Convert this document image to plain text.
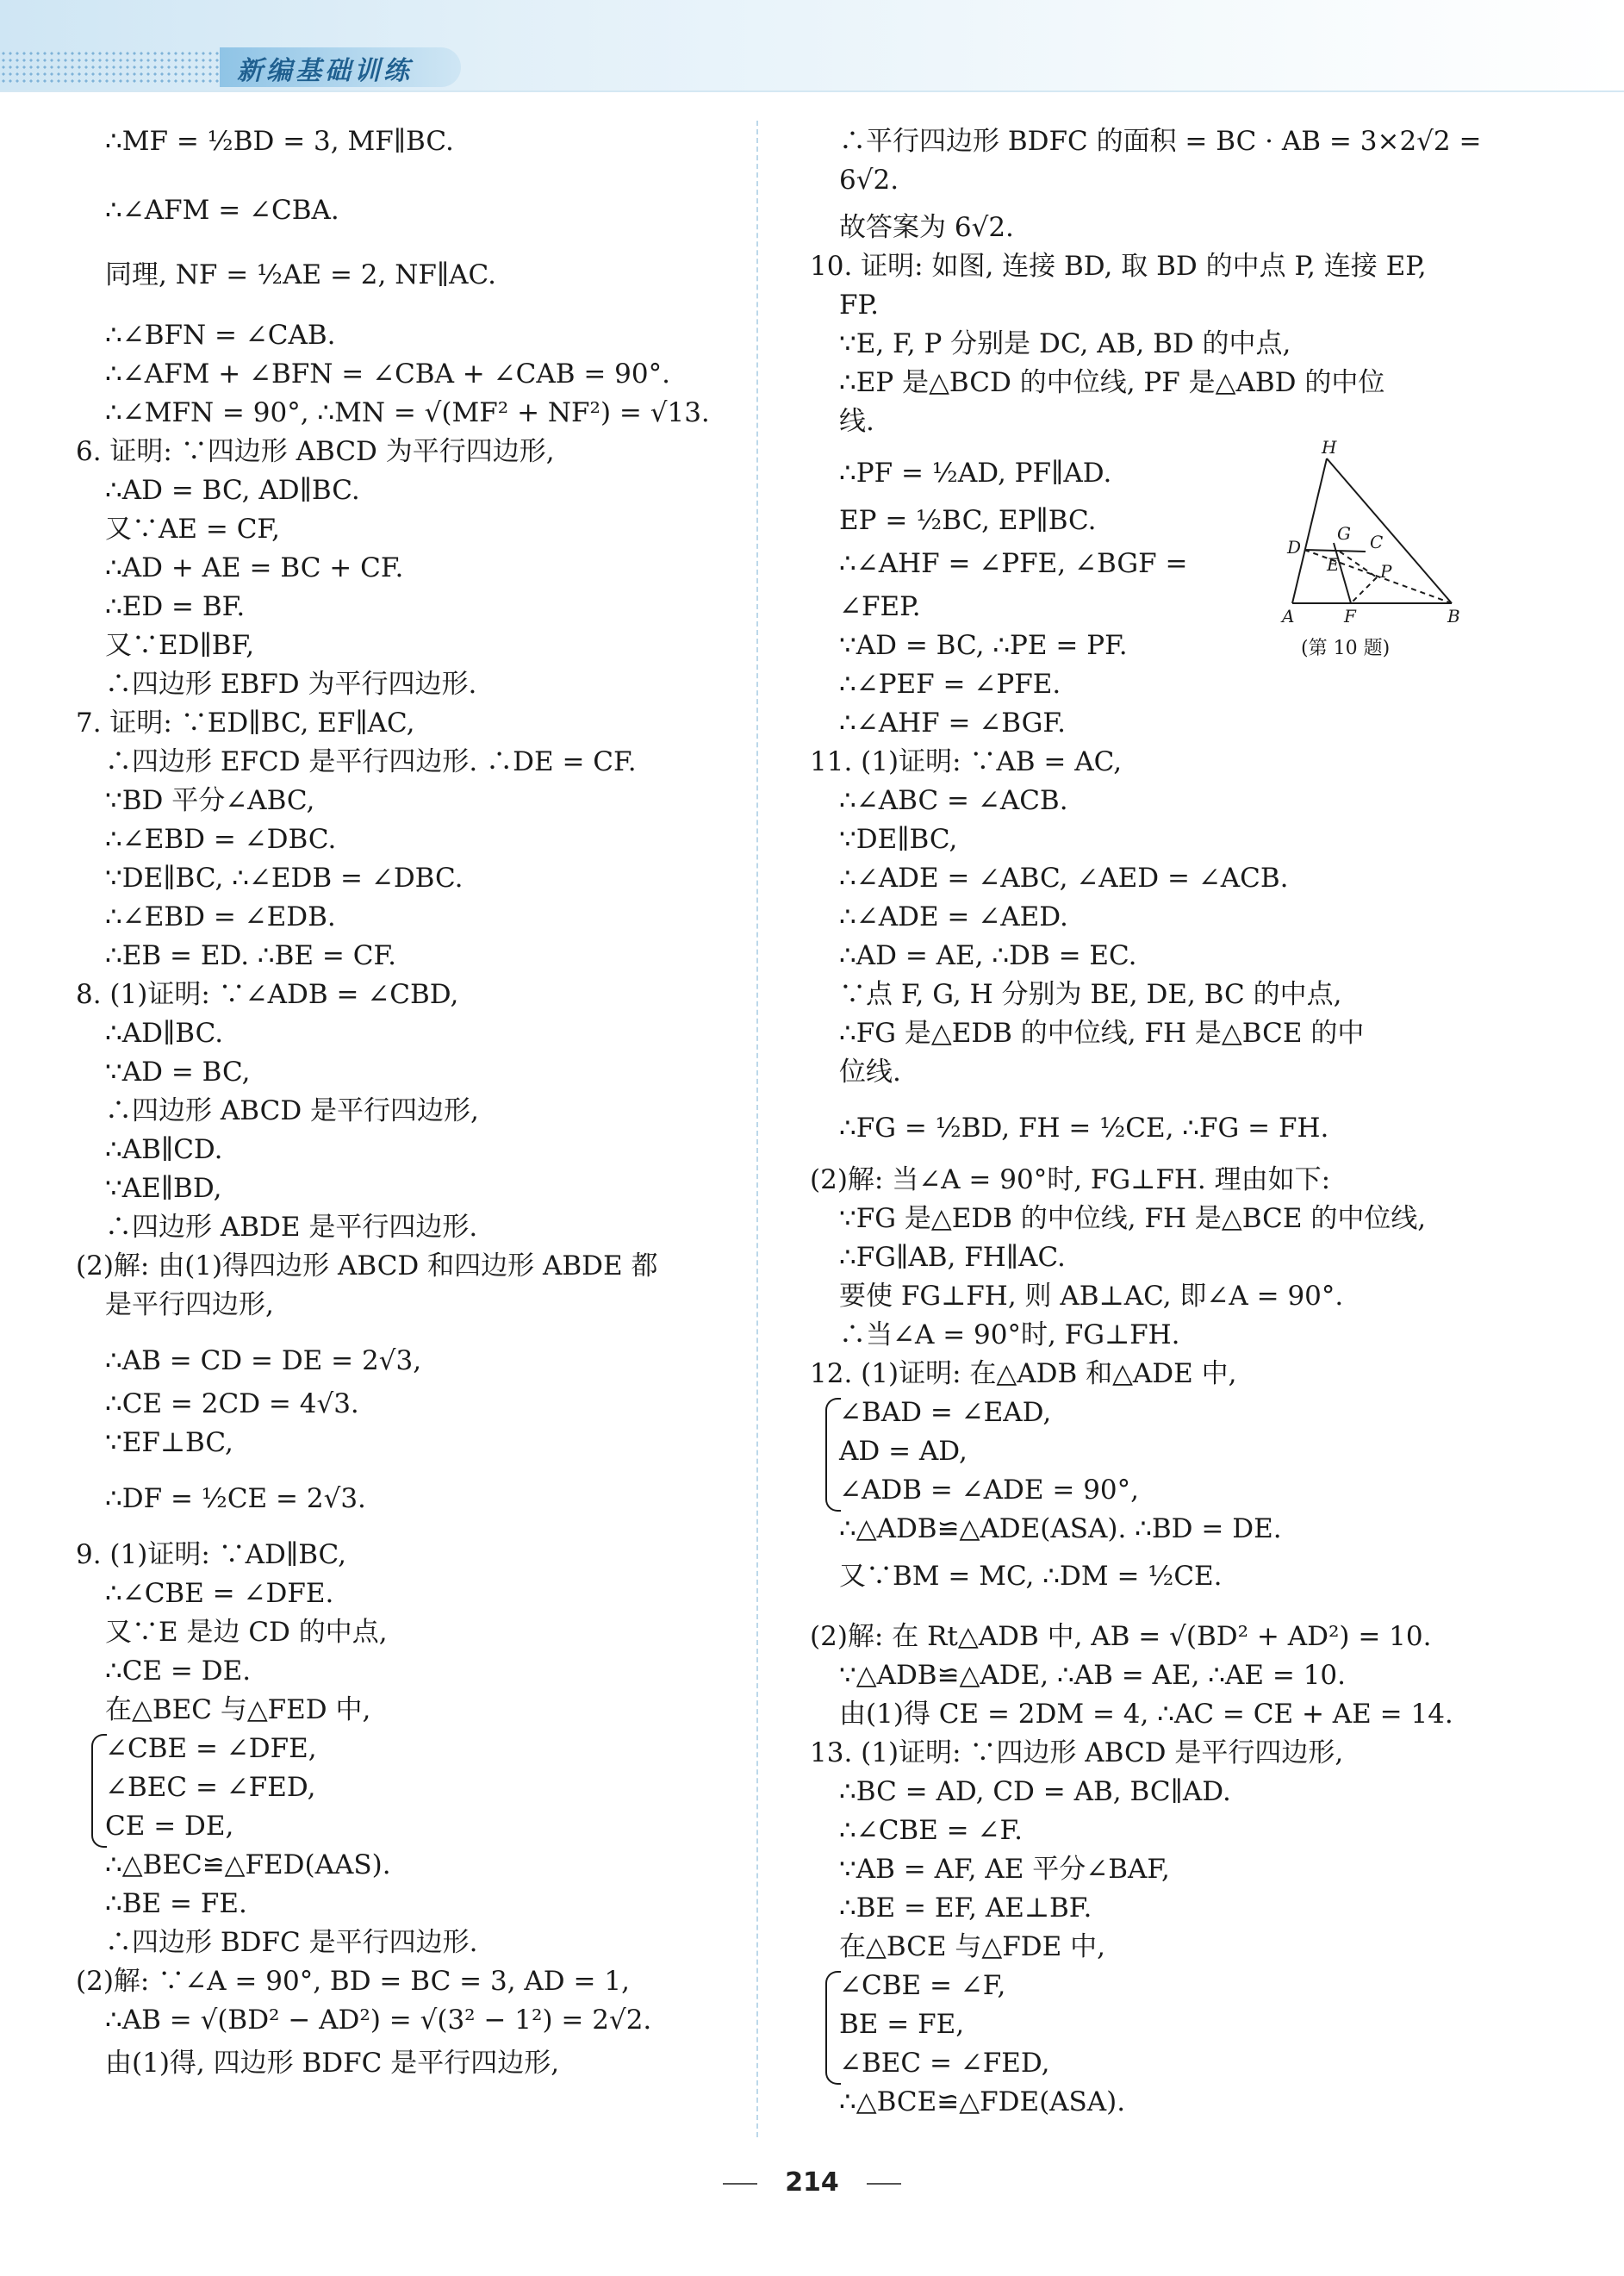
新编基础训练
∴MF = ½BD = 3, MF∥BC.
∴∠AFM = ∠CBA.
同理, NF = ½AE = 2, NF∥AC.
∴∠BFN = ∠CAB.
∴∠AFM + ∠BFN = ∠CBA + ∠CAB = 90°.
∴∠MFN = 90°, ∴MN = √(MF² + NF²) = √13.
6. 证明: ∵四边形 ABCD 为平行四边形,
∴AD = BC, AD∥BC.
又∵AE = CF,
∴AD + AE = BC + CF.
∴ED = BF.
又∵ED∥BF,
∴四边形 EBFD 为平行四边形.
7. 证明: ∵ED∥BC, EF∥AC,
∴四边形 EFCD 是平行四边形. ∴DE = CF.
∵BD 平分∠ABC,
∴∠EBD = ∠DBC.
∵DE∥BC, ∴∠EDB = ∠DBC.
∴∠EBD = ∠EDB.
∴EB = ED. ∴BE = CF.
8. (1)证明: ∵∠ADB = ∠CBD,
∴AD∥BC.
∵AD = BC,
∴四边形 ABCD 是平行四边形,
∴AB∥CD.
∵AE∥BD,
∴四边形 ABDE 是平行四边形.
(2)解: 由(1)得四边形 ABCD 和四边形 ABDE 都
是平行四边形,
∴AB = CD = DE = 2√3,
∴CE = 2CD = 4√3.
∵EF⊥BC,
∴DF = ½CE = 2√3.
9. (1)证明: ∵AD∥BC,
∴∠CBE = ∠DFE.
又∵E 是边 CD 的中点,
∴CE = DE.
在△BEC 与△FED 中,
∠CBE = ∠DFE,
∠BEC = ∠FED,
CE = DE,
∴△BEC≌△FED(AAS).
∴BE = FE.
∴四边形 BDFC 是平行四边形.
(2)解: ∵∠A = 90°, BD = BC = 3, AD = 1,
∴AB = √(BD² − AD²) = √(3² − 1²) = 2√2.
由(1)得, 四边形 BDFC 是平行四边形,
∴平行四边形 BDFC 的面积 = BC · AB = 3×2√2 =
6√2.
故答案为 6√2.
10. 证明: 如图, 连接 BD, 取 BD 的中点 P, 连接 EP,
FP.
∵E, F, P 分别是 DC, AB, BD 的中点,
∴EP 是△BCD 的中位线, PF 是△ABD 的中位
线.
∴PF = ½AD, PF∥AD.
EP = ½BC, EP∥BC.
∴∠AHF = ∠PFE, ∠BGF =
∠FEP.
∵AD = BC, ∴PE = PF.
∴∠PEF = ∠PFE.
∴∠AHF = ∠BGF.
11. (1)证明: ∵AB = AC,
∴∠ABC = ∠ACB.
∵DE∥BC,
∴∠ADE = ∠ABC, ∠AED = ∠ACB.
∴∠ADE = ∠AED.
∴AD = AE, ∴DB = EC.
∵点 F, G, H 分别为 BE, DE, BC 的中点,
∴FG 是△EDB 的中位线, FH 是△BCE 的中
位线.
∴FG = ½BD, FH = ½CE, ∴FG = FH.
(2)解: 当∠A = 90°时, FG⊥FH. 理由如下:
∵FG 是△EDB 的中位线, FH 是△BCE 的中位线,
∴FG∥AB, FH∥AC.
要使 FG⊥FH, 则 AB⊥AC, 即∠A = 90°.
∴当∠A = 90°时, FG⊥FH.
12. (1)证明: 在△ADB 和△ADE 中,
∠BAD = ∠EAD,
AD = AD,
∠ADB = ∠ADE = 90°,
∴△ADB≌△ADE(ASA). ∴BD = DE.
又∵BM = MC, ∴DM = ½CE.
(2)解: 在 Rt△ADB 中, AB = √(BD² + AD²) = 10.
∵△ADB≌△ADE, ∴AB = AE, ∴AE = 10.
由(1)得 CE = 2DM = 4, ∴AC = CE + AE = 14.
13. (1)证明: ∵四边形 ABCD 是平行四边形,
∴BC = AD, CD = AB, BC∥AD.
∴∠CBE = ∠F.
∵AB = AF, AE 平分∠BAF,
∴BE = EF, AE⊥BF.
在△BCE 与△FDE 中,
∠CBE = ∠F,
BE = FE,
∠BEC = ∠FED,
∴△BCE≌△FDE(ASA).
H
G
D	C
E P
A	F	B
(第 10 题)
214
